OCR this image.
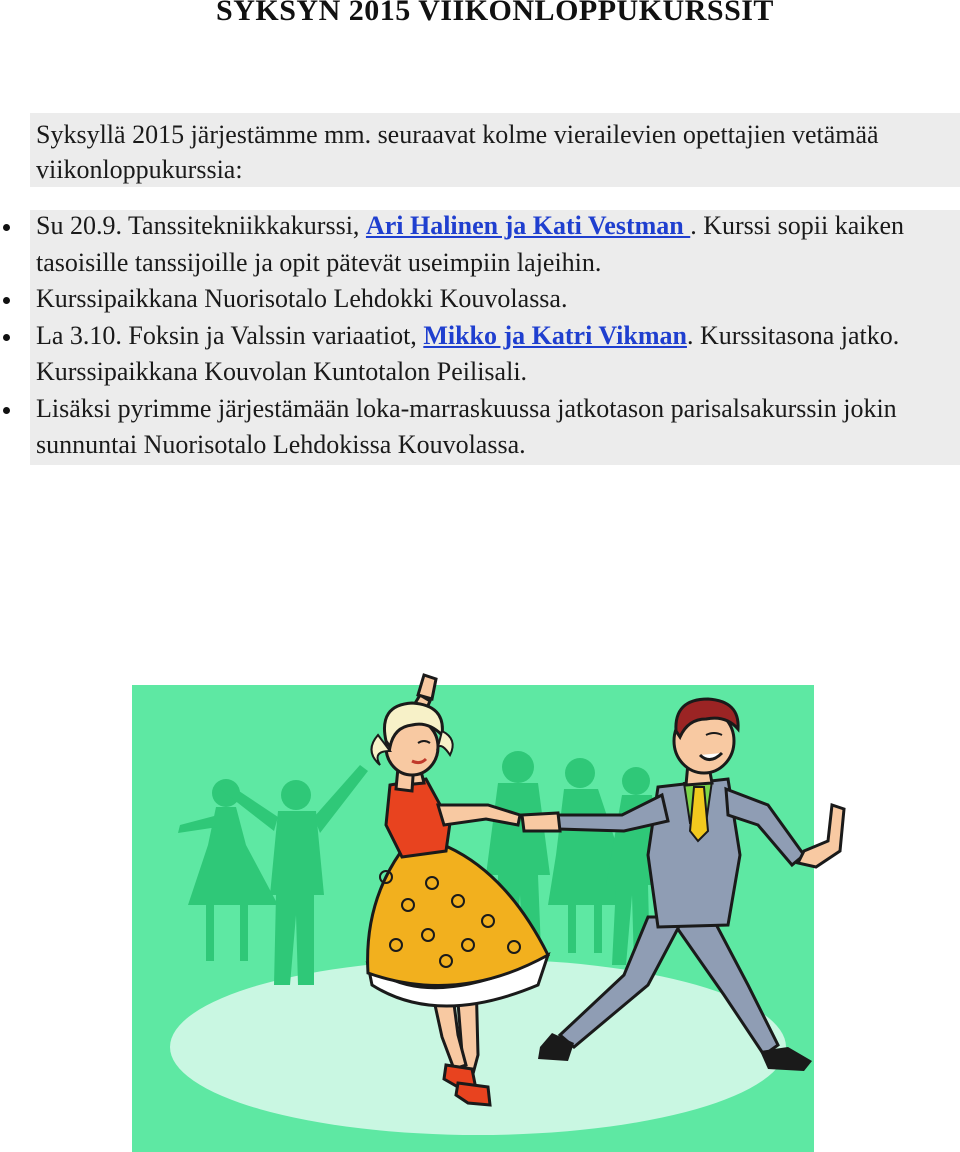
SYKSYN 2015 VIIKONLOPPUKURSSIT
Syksyllä 2015 järjestämme mm. seuraavat kolme vierailevien opettajien vetämää viikonloppukurssia:
Su 20.9. Tanssitekniikkakurssi, Ari Halinen ja Kati Vestman . Kurssi sopii kaiken tasoisille tanssijoille ja opit pätevät useimpiin lajeihin.
Kurssipaikkana Nuorisotalo Lehdokki Kouvolassa.
La 3.10. Foksin ja Valssin variaatiot, Mikko ja Katri Vikman. Kurssitasona jatko. Kurssipaikkana Kouvolan Kuntotalon Peilisali.
Lisäksi pyrimme järjestämään loka-marraskuussa jatkotason parisalsakurssin jokin sunnuntai Nuorisotalo Lehdokissa Kouvolassa.
